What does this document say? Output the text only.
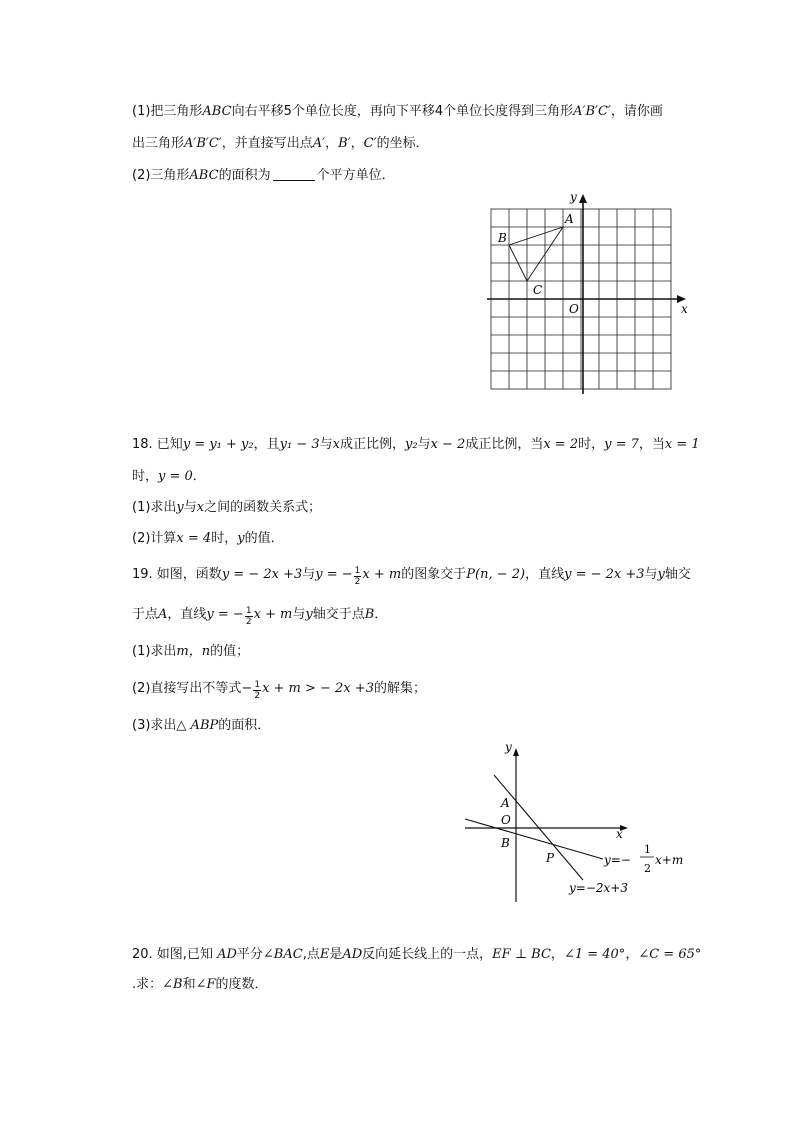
(1)把三角形ABC向右平移5个单位长度，再向下平移4个单位长度得到三角形A′B′C′，请你画
出三角形A′B′C′，并直接写出点A′，B′，C′的坐标．
(2)三角形ABC的面积为	个平方单位．
y
x
O
A
B
C
18. 已知y = y₁ + y₂，且y₁ − 3与x成正比例，y₂与x − 2成正比例，当x = 2时，y = 7，当x = 1
时，y = 0．
(1)求出y与x之间的函数关系式；
(2)计算x = 4时，y的值．
19. 如图，函数y = − 2x +3与y = − $\frac{1}{2}$ x + m的图象交于P(n, − 2)，直线y = − 2x +3与y轴交
于点A，直线y = − $\frac{1}{2}$ x + m与y轴交于点B．
(1)求出m，n的值；
(2)直接写出不等式− $\frac{1}{2}$ x + m > − 2x +3的解集；
(3)求出△ ABP的面积．
y
x
A
O
B
P	y=−
1
2
x+m
y=−2x+3
20. 如图,已知 AD平分∠BAC,点E是AD反向延长线上的一点，EF ⊥ BC，∠1 = 40°，∠C = 65°
.求：∠B和∠F的度数．
